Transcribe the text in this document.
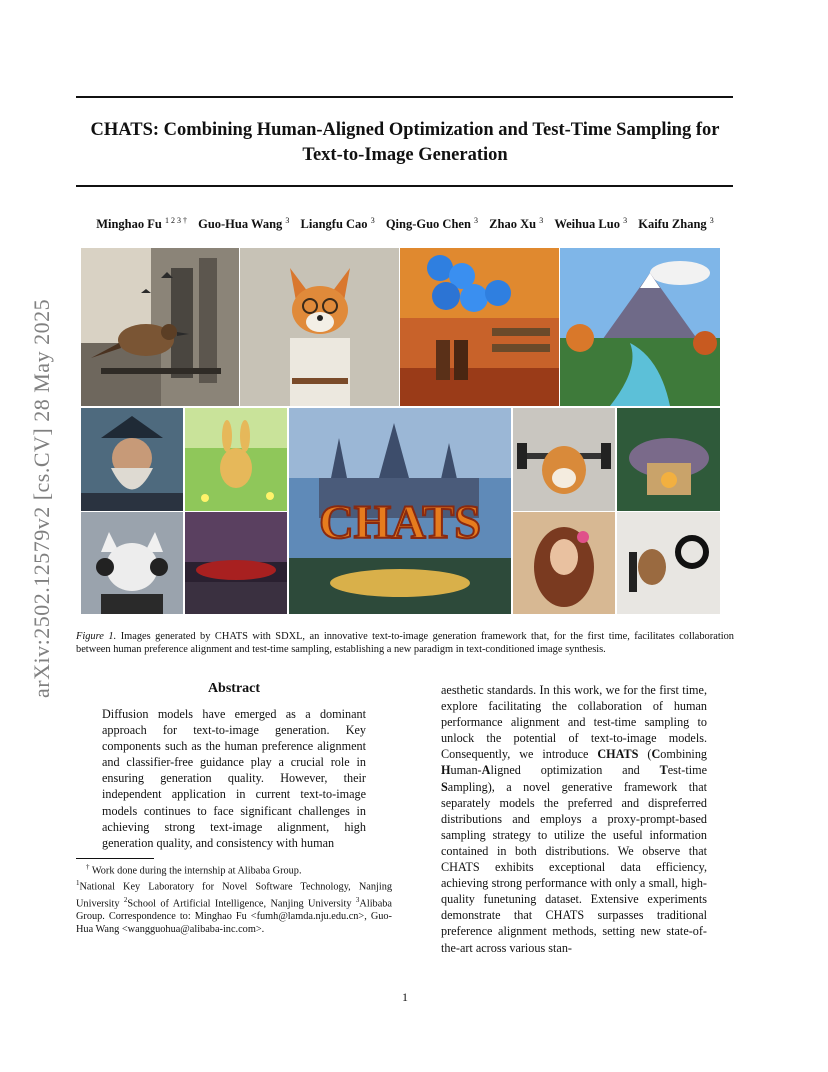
CHATS: Combining Human-Aligned Optimization and Test-Time Sampling for
Text-to-Image Generation
Minghao Fu $^{1 2 3 \dagger}$ Guo-Hua Wang $^3$ Liangfu Cao $^3$ Qing-Guo Chen $^3$ Zhao Xu $^3$ Weihua Luo $^3$ Kaifu Zhang $^3$
arXiv:2502.12579v2 [cs.CV] 28 May 2025	CHATS
Figure 1. Images generated by CHATS with SDXL, an innovative text-to-image generation framework that, for the first time, facilitates collaboration between human preference alignment and test-time sampling, establishing a new paradigm in text-conditioned image synthesis.
Abstract
Diffusion models have emerged as a dominant approach for text-to-image generation. Key components such as the human preference alignment and classifier-free guidance play a crucial role in ensuring generation quality. However, their independent application in current text-to-image models continues to face significant challenges in achieving strong text-image alignment, high generation quality, and consistency with human
† Work done during the internship at Alibaba Group.
$^1$National Key Laboratory for Novel Software Technology, Nanjing University $^2$School of Artificial Intelligence, Nanjing University $^3$Alibaba Group. Correspondence to: Minghao Fu <fumh@lamda.nju.edu.cn>, Guo-Hua Wang <wangguohua@alibaba-inc.com>.
aesthetic standards. In this work, we for the first time, explore facilitating the collaboration of human performance alignment and test-time sampling to unlock the potential of text-to-image models. Consequently, we introduce CHATS (Combining Human-Aligned optimization and Test-time Sampling), a novel generative framework that separately models the preferred and dispreferred distributions and employs a proxy-prompt-based sampling strategy to utilize the useful information contained in both distributions. We observe that CHATS exhibits exceptional data efficiency, achieving strong performance with only a small, high-quality funetuning dataset. Extensive experiments demonstrate that CHATS surpasses traditional preference alignment methods, setting new state-of-the-art across various stan-
1
